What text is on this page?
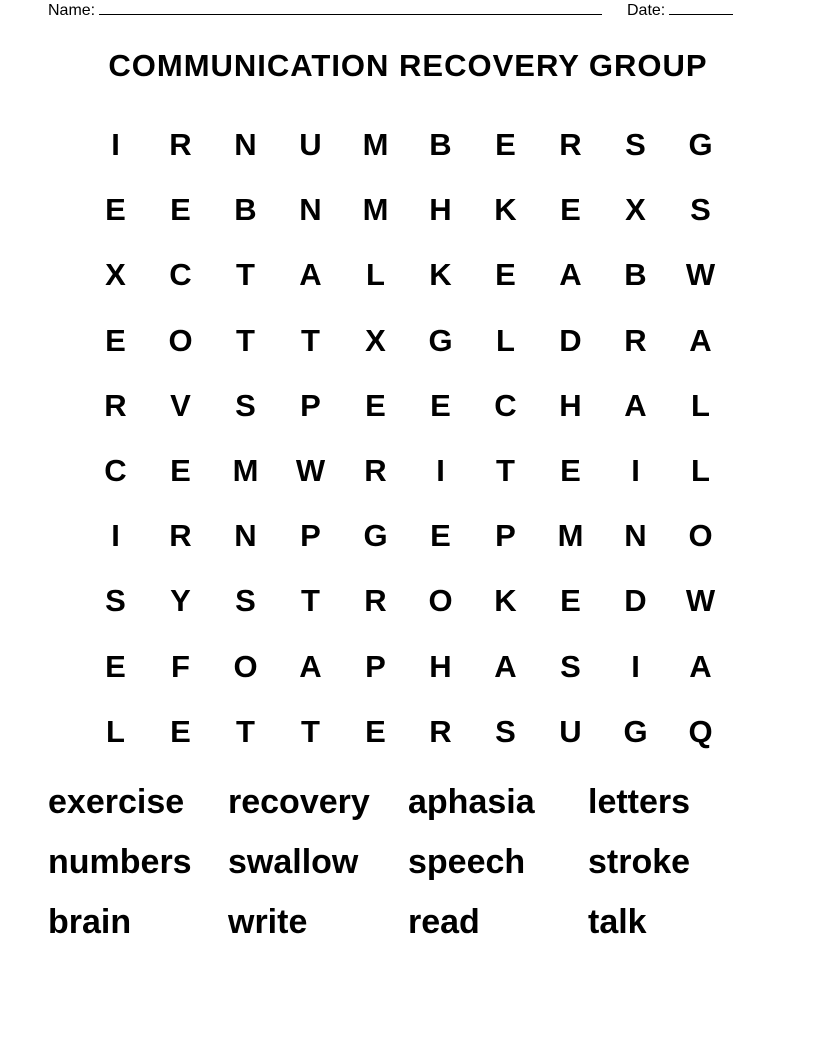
Name:	Date:
COMMUNICATION RECOVERY GROUP
I	R	N	U	M	B	E	R	S	G
E	E	B	N	M	H	K	E	X	S
X	C	T	A	L	K	E	A	B	W
E	O	T	T	X	G	L	D	R	A
R	V	S	P	E	E	C	H	A	L
C	E	M	W	R	I	T	E	I	L
I	R	N	P	G	E	P	M	N	O
S	Y	S	T	R	O	K	E	D	W
E	F	O	A	P	H	A	S	I	A
L	E	T	T	E	R	S	U	G	Q
exercise	recovery	aphasia	letters
numbers	swallow	speech	stroke
brain	write	read	talk
